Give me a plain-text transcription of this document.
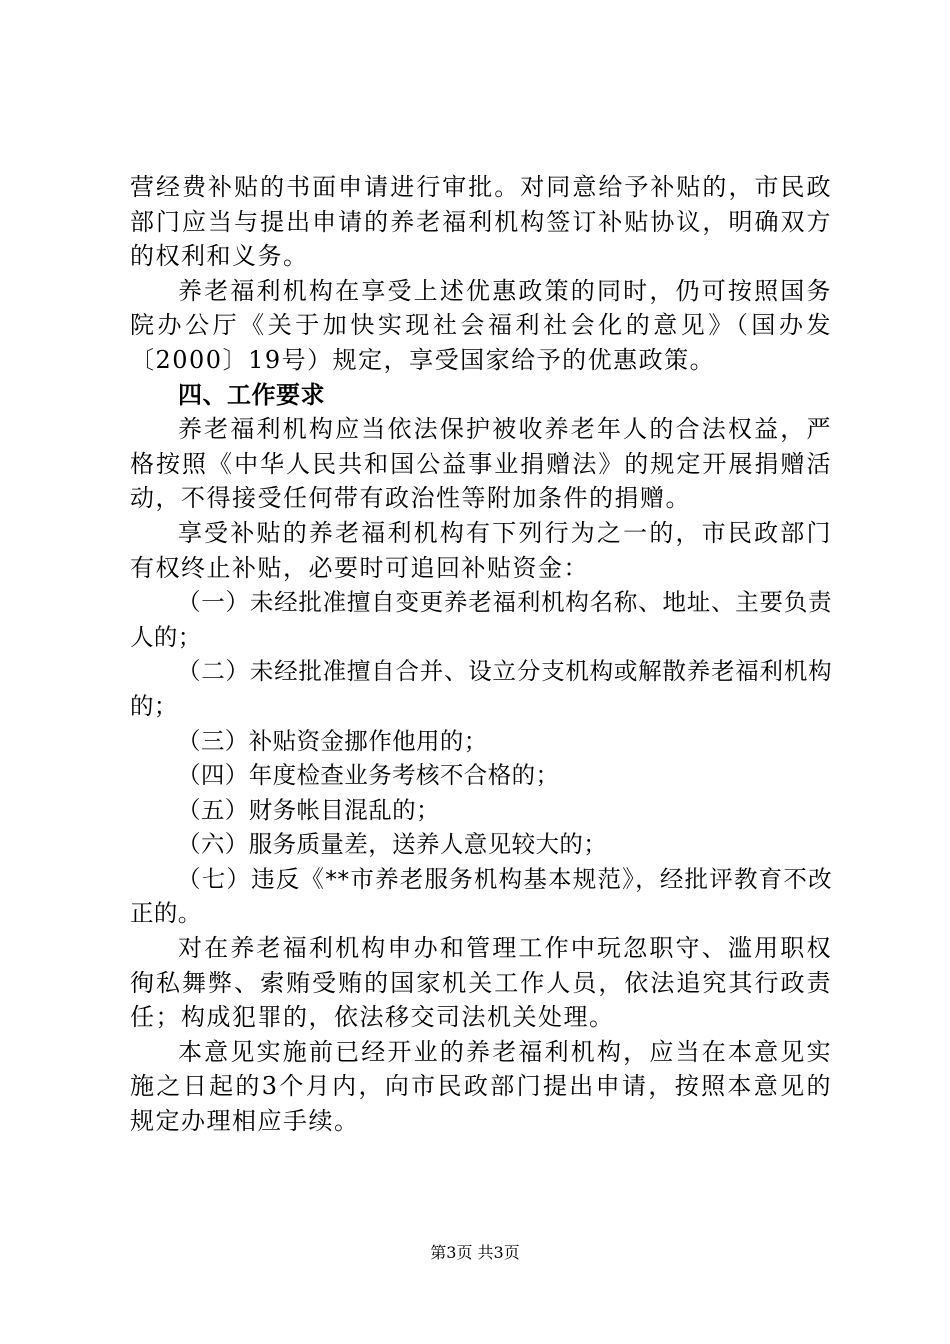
营经费补贴的书面申请进行审批。对同意给予补贴的，市民政部门应当与提出申请的养老福利机构签订补贴协议，明确双方的权利和义务。

养老福利机构在享受上述优惠政策的同时，仍可按照国务院办公厅《关于加快实现社会福利社会化的意见》（国办发〔2000〕19号）规定，享受国家给予的优惠政策。

四、工作要求

养老福利机构应当依法保护被收养老年人的合法权益，严格按照《中华人民共和国公益事业捐赠法》的规定开展捐赠活动，不得接受任何带有政治性等附加条件的捐赠。

享受补贴的养老福利机构有下列行为之一的，市民政部门有权终止补贴，必要时可追回补贴资金：

（一）未经批准擅自变更养老福利机构名称、地址、主要负责人的；

（二）未经批准擅自合并、设立分支机构或解散养老福利机构的；

（三）补贴资金挪作他用的；

（四）年度检查业务考核不合格的；

（五）财务帐目混乱的；

（六）服务质量差，送养人意见较大的；

（七）违反《**市养老服务机构基本规范》，经批评教育不改正的。

对在养老福利机构申办和管理工作中玩忽职守、滥用职权徇私舞弊、索贿受贿的国家机关工作人员，依法追究其行政责任；构成犯罪的，依法移交司法机关处理。

本意见实施前已经开业的养老福利机构，应当在本意见实施之日起的3个月内，向市民政部门提出申请，按照本意见的规定办理相应手续。

第3页 共3页
